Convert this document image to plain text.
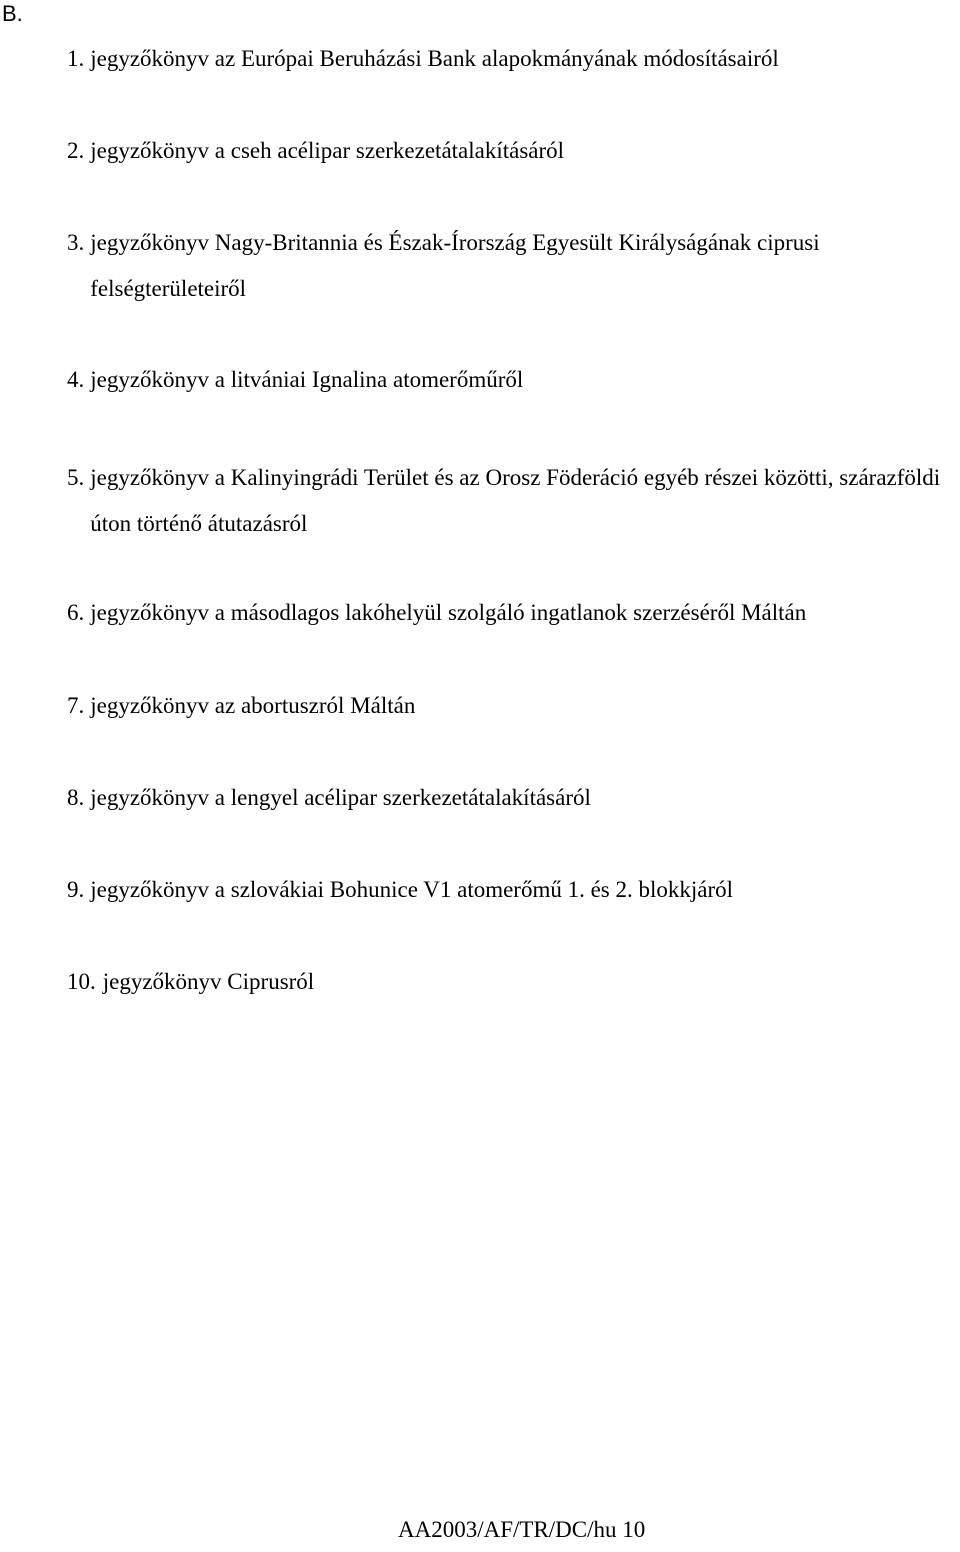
B.

1. jegyzőkönyv az Európai Beruházási Bank alapokmányának módosításairól
2. jegyzőkönyv a cseh acélipar szerkezetátalakításáról
3. jegyzőkönyv Nagy-Britannia és Észak-Írország Egyesült Királyságának ciprusi felségterületeiről
4. jegyzőkönyv a litvániai Ignalina atomerőműről
5. jegyzőkönyv a Kalinyingrádi Terület és az Orosz Föderáció egyéb részei közötti, szárazföldi úton történő átutazásról
6. jegyzőkönyv a másodlagos lakóhelyül szolgáló ingatlanok szerzéséről Máltán
7. jegyzőkönyv az abortuszról Máltán
8. jegyzőkönyv a lengyel acélipar szerkezetátalakításáról
9. jegyzőkönyv a szlovákiai Bohunice V1 atomerőmű 1. és 2. blokkjáról
10. jegyzőkönyv Ciprusról

AA2003/AF/TR/DC/hu 10
